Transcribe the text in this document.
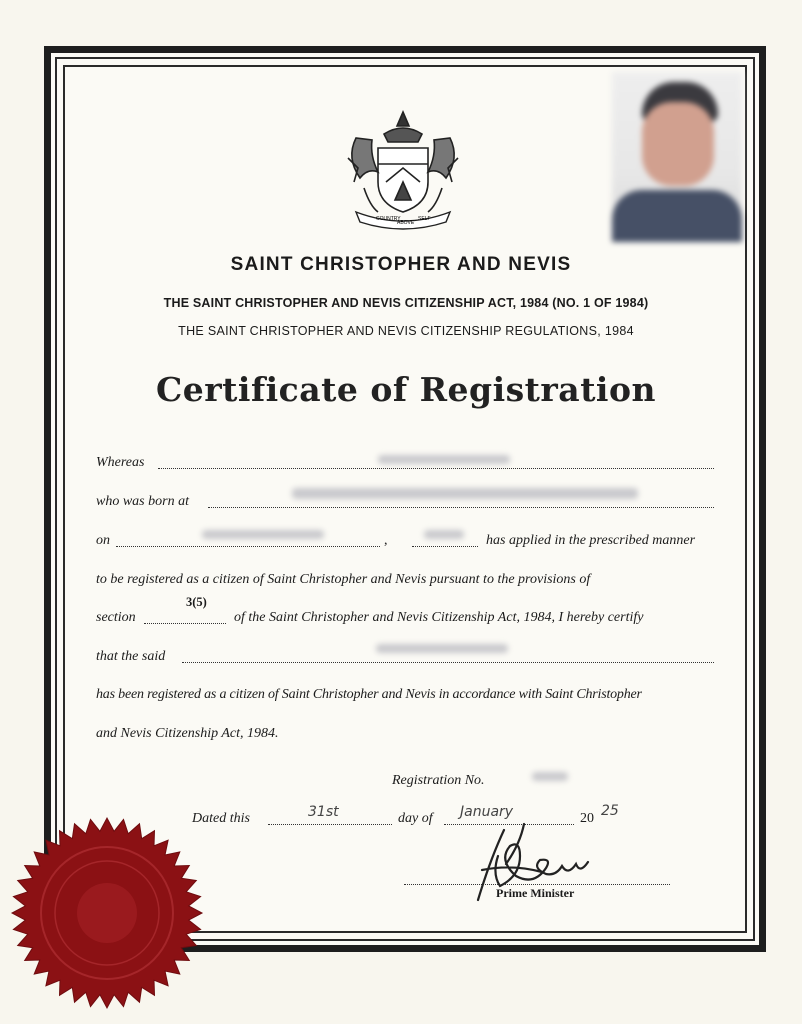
COUNTRY
ABOVE
SELF
SAINT CHRISTOPHER AND NEVIS
THE SAINT CHRISTOPHER AND NEVIS CITIZENSHIP ACT, 1984 (NO. 1 OF 1984)
THE SAINT CHRISTOPHER AND NEVIS CITIZENSHIP REGULATIONS, 1984
Certificate of Registration
Whereas
who was born at
on	,	has applied in the prescribed manner
to be registered as a citizen of Saint Christopher and Nevis pursuant to the provisions of
section
3(5)
of the Saint Christopher and Nevis Citizenship Act, 1984, I hereby certify
that the said
has been registered as a citizen of Saint Christopher and Nevis in accordance with Saint Christopher
and Nevis Citizenship Act, 1984.
Registration No.
Dated this	31st	day of January	20 25
Prime Minister
